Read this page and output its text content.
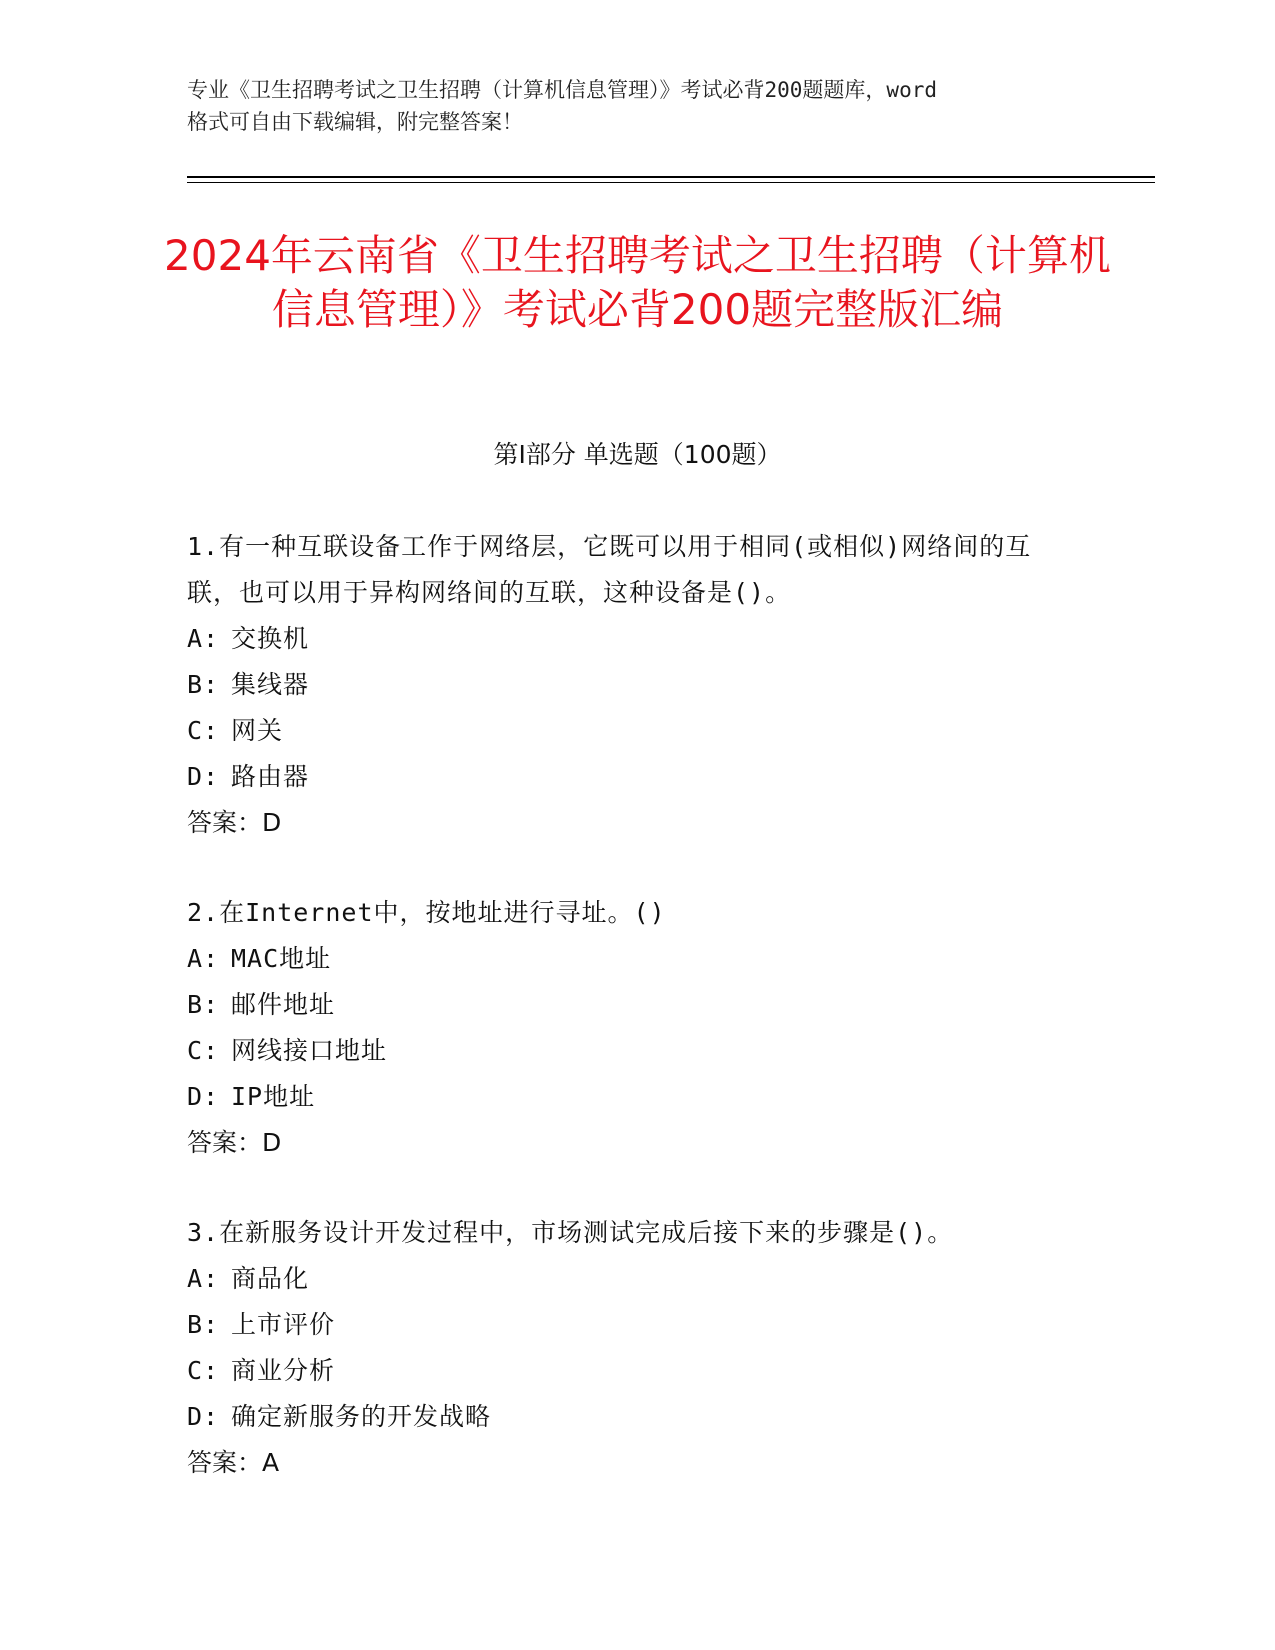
专业《卫生招聘考试之卫生招聘（计算机信息管理）》考试必背200题题库，word
格式可自由下载编辑，附完整答案！
2024年云南省《卫生招聘考试之卫生招聘（计算机信息管理）》考试必背200题完整版汇编
第Ⅰ部分 单选题（100题）
1.有一种互联设备工作于网络层，它既可以用于相同(或相似)网络间的互联，也可以用于异构网络间的互联，这种设备是()。
A: 交换机
B: 集线器
C: 网关
D: 路由器
答案：D
2.在Internet中，按地址进行寻址。()
A: MAC地址
B: 邮件地址
C: 网线接口地址
D: IP地址
答案：D
3.在新服务设计开发过程中，市场测试完成后接下来的步骤是()。
A: 商品化
B: 上市评价
C: 商业分析
D: 确定新服务的开发战略
答案：A
